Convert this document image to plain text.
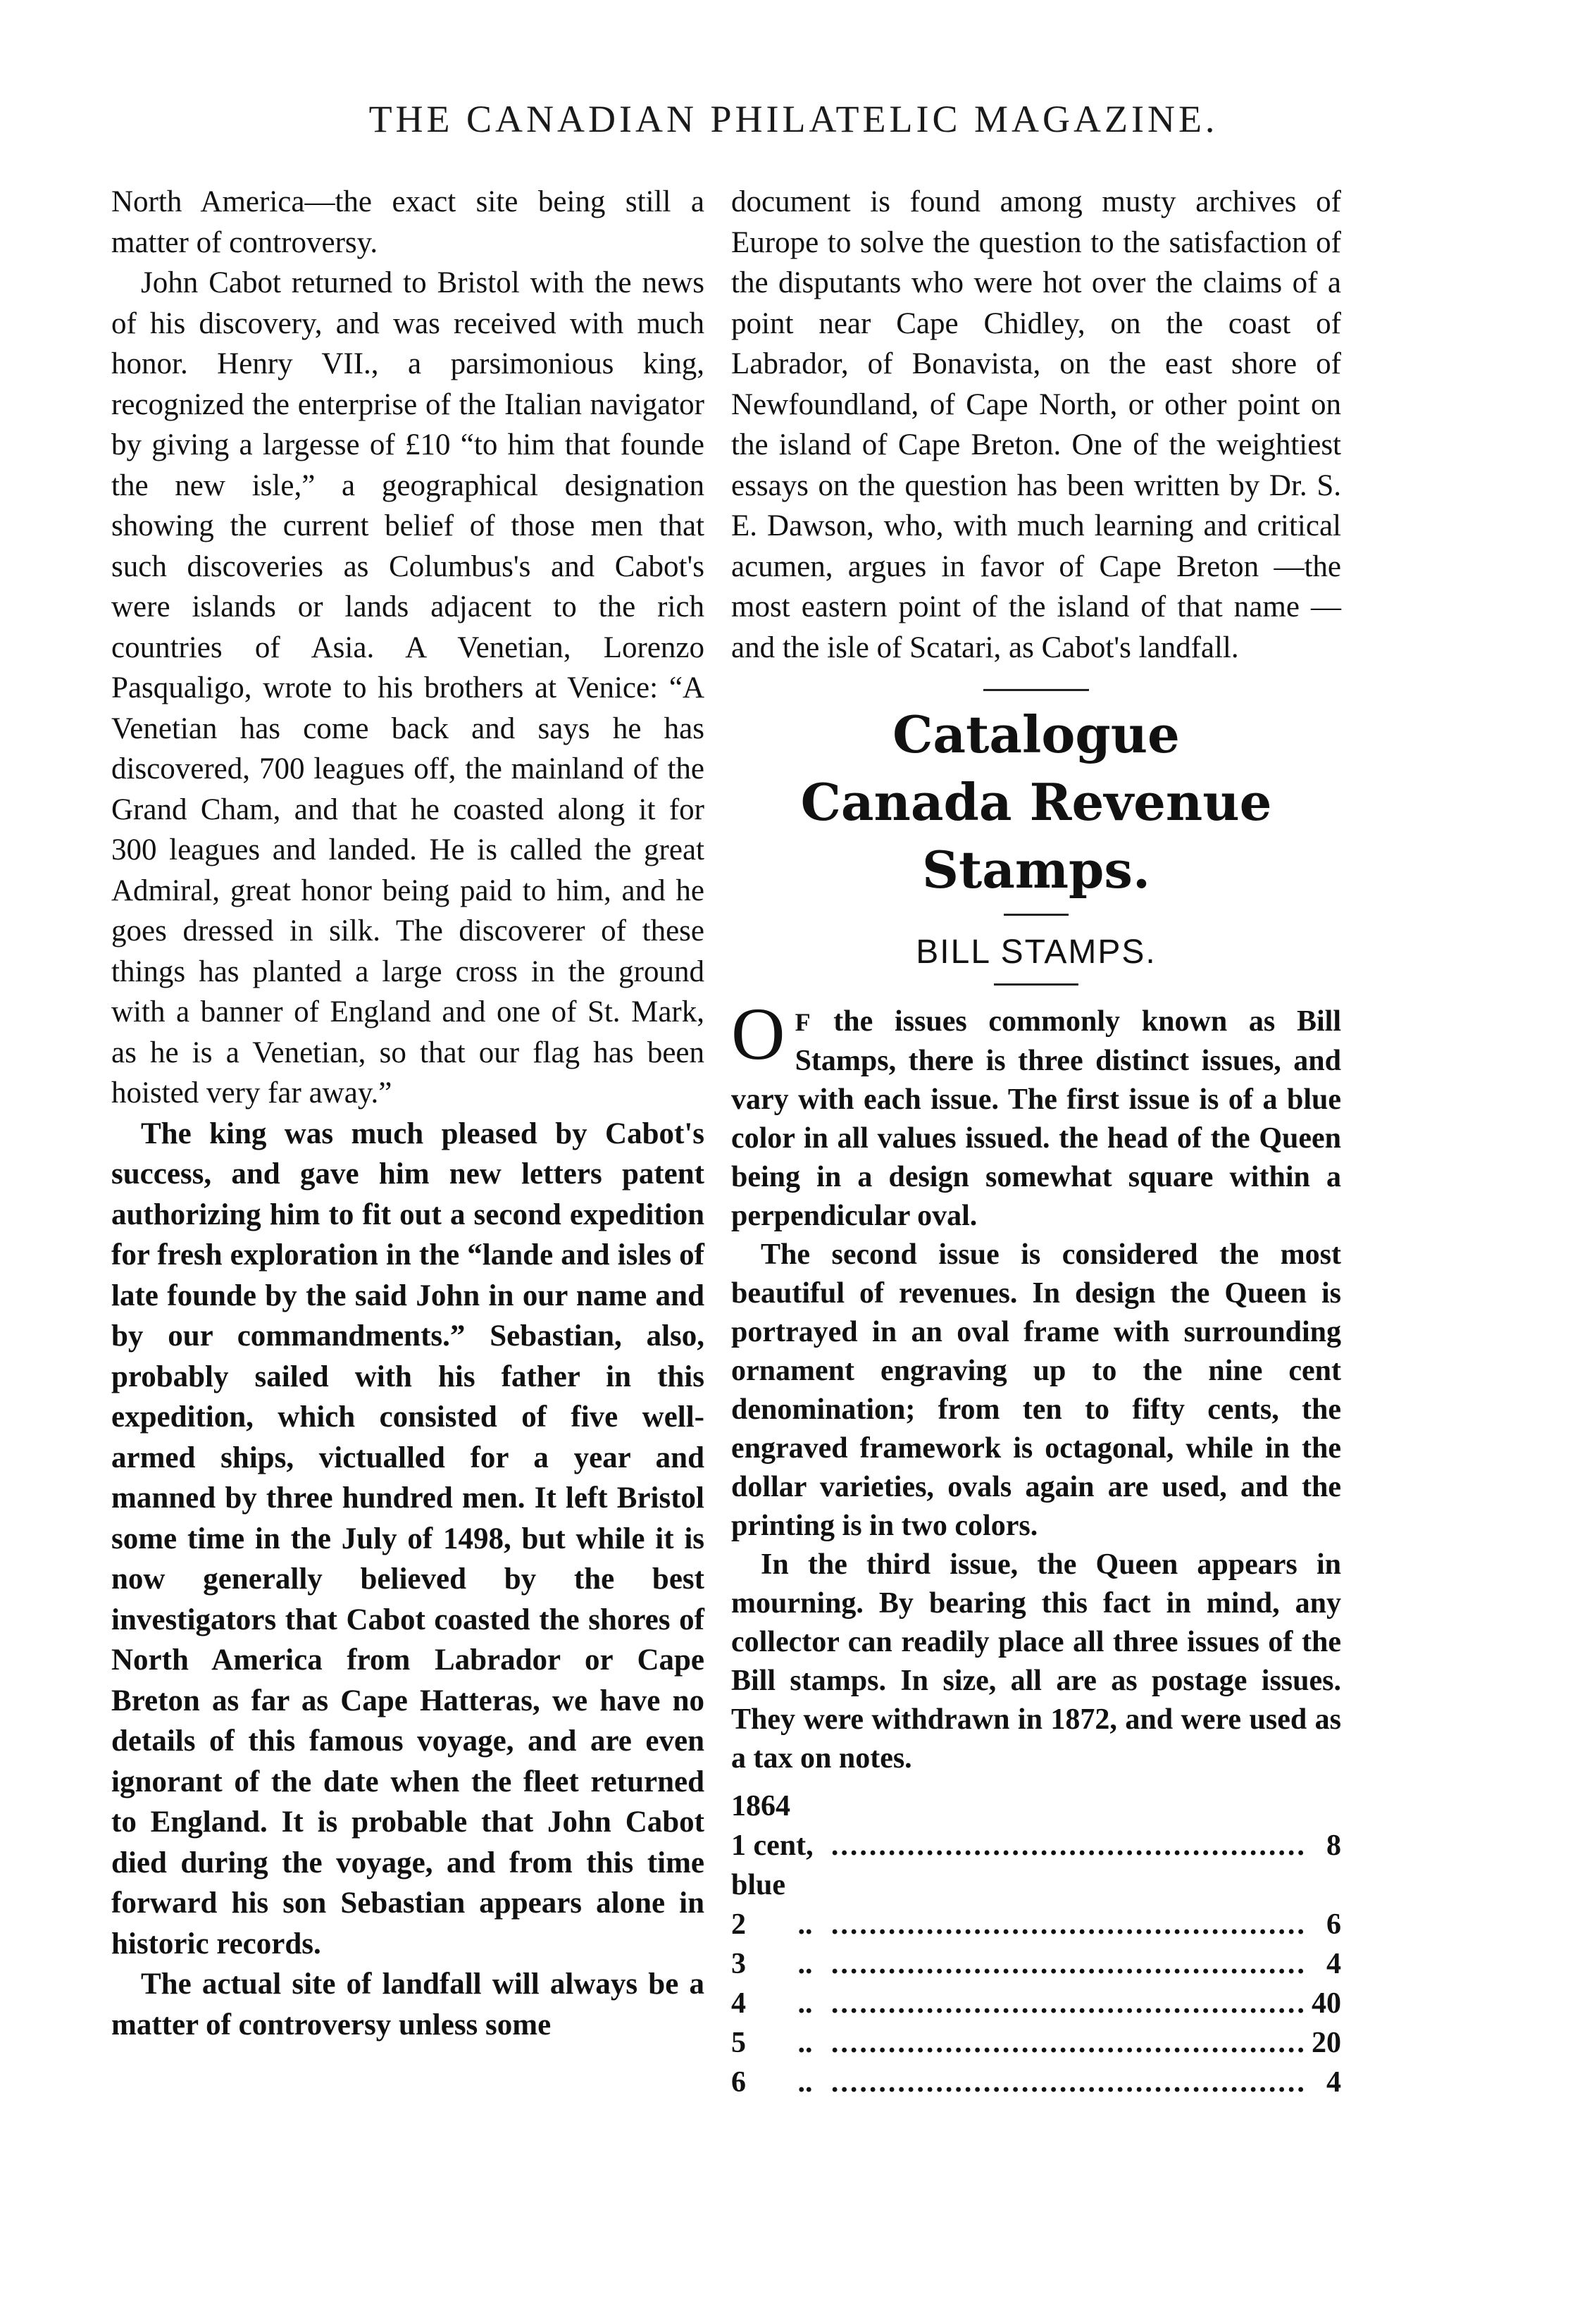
THE CANADIAN PHILATELIC MAGAZINE.

North America—the exact site being still a matter of controversy.

John Cabot returned to Bristol with the news of his discovery, and was received with much honor. Henry VII., a parsimonious king, recognized the enterprise of the Italian navigator by giving a largesse of £10 “to him that founde the new isle,” a geographical designation showing the current belief of those men that such discoveries as Columbus's and Cabot's were islands or lands adjacent to the rich countries of Asia. A Venetian, Lorenzo Pasqualigo, wrote to his brothers at Venice: “A Venetian has come back and says he has discovered, 700 leagues off, the mainland of the Grand Cham, and that he coasted along it for 300 leagues and landed. He is called the great Admiral, great honor being paid to him, and he goes dressed in silk. The discoverer of these things has planted a large cross in the ground with a banner of England and one of St. Mark, as he is a Venetian, so that our flag has been hoisted very far away.”

The king was much pleased by Cabot's success, and gave him new letters patent authorizing him to fit out a second expedition for fresh exploration in the “lande and isles of late founde by the said John in our name and by our commandments.” Sebastian, also, probably sailed with his father in this expedition, which consisted of five well-armed ships, victualled for a year and manned by three hundred men. It left Bristol some time in the July of 1498, but while it is now generally believed by the best investigators that Cabot coasted the shores of North America from Labrador or Cape Breton as far as Cape Hatteras, we have no details of this famous voyage, and are even ignorant of the date when the fleet returned to England. It is probable that John Cabot died during the voyage, and from this time forward his son Sebastian appears alone in historic records.

The actual site of landfall will always be a matter of controversy unless some

document is found among musty archives of Europe to solve the question to the satisfaction of the disputants who were hot over the claims of a point near Cape Chidley, on the coast of Labrador, of Bonavista, on the east shore of Newfoundland, of Cape North, or other point on the island of Cape Breton. One of the weightiest essays on the question has been written by Dr. S. E. Dawson, who, with much learning and critical acumen, argues in favor of Cape Breton —the most eastern point of the island of that name —and the isle of Scatari, as Cabot's landfall.

Catalogue
Canada Revenue Stamps.
BILL STAMPS.

O F the issues commonly known as Bill Stamps, there is three distinct issues, and vary with each issue. The first issue is of a blue color in all values issued. the head of the Queen being in a design somewhat square within a perpendicular oval.

The second issue is considered the most beautiful of revenues. In design the Queen is portrayed in an oval frame with surrounding ornament engraving up to the nine cent denomination; from ten to fifty cents, the engraved framework is octagonal, while in the dollar varieties, ovals again are used, and the printing is in two colors.

In the third issue, the Queen appears in mourning. By bearing this fact in mind, any collector can readily place all three issues of the Bill stamps. In size, all are as postage issues. They were withdrawn in 1872, and were used as a tax on notes.

1864
1 cent, blue
.................................................. 8
2       .. .................................................. 6
3       .. .................................................. 4
4       .. .................................................. 40
5       .. .................................................. 20
6       .. .................................................. 4
